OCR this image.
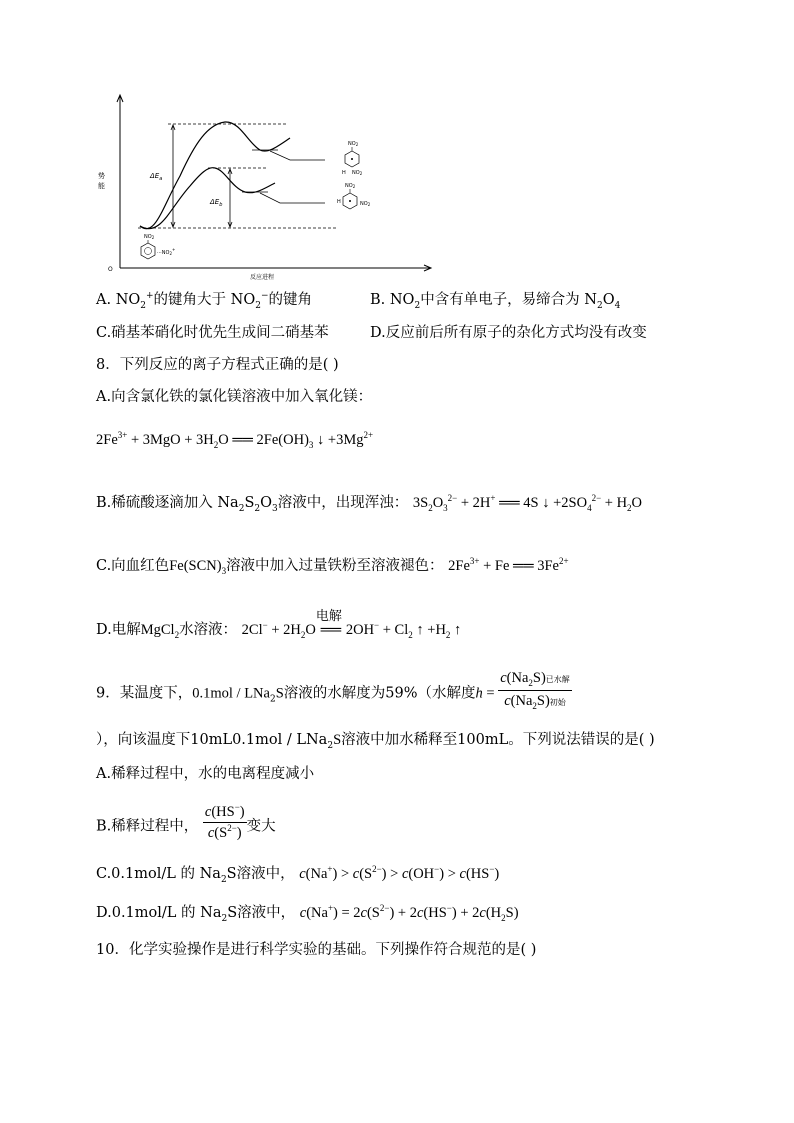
O
势
能
反应进程
$\Delta E_a$
$\Delta E_b$
$NO_2$
H $NO_2$
$NO_2$
H	$NO_2$
$NO_2$
$\cdot\cdot\cdot NO_2^+$
A. $NO_2^+$的键角大于 $NO_2^-$的键角	B. $NO_2$中含有单电子，易缔合为 $N_2O_4$
C.硝基苯硝化时优先生成间二硝基苯	D.反应前后所有原子的杂化方式均没有改变
8．下列反应的离子方程式正确的是( )
A.向含氯化铁的氯化镁溶液中加入氧化镁：
$2Fe^{3+} + 3MgO + 3H_2O$ ══ $2Fe(OH)_3$ ↓ $+3Mg^{2+}$
B.稀硫酸逐滴加入 $Na_2S_2O_3$溶液中，出现浑浊： $3S_2O_3^{2-} + 2H^+$ ══ 4S ↓ $+2SO_4^{2-} + H_2O$
C.向血红色$Fe(SCN)_3$溶液中加入过量铁粉至溶液褪色： $2Fe^{3+} + Fe$ ══ $3Fe^{2+}$
D.电解MgCl$_2$水溶液： $2Cl^- + 2H_2O$
电解
══ $2OH^- + Cl_2$ ↑ $+H_2$ ↑
9．某温度下，0.1mol / LNa$_2$S溶液的水解度为59%（水解度$h = \frac{c(Na_2S)已水解}{c(Na_2S)初始}$
），向该温度下10mL0.1mol / LNa$_2$S溶液中加水稀释至100mL。下列说法错误的是( )
A.稀释过程中，水的电离程度减小
B.稀释过程中， $\frac{c(HS^-)}{c(S^{2-})}$ 变大
C.0.1mol/L 的 $Na_2S$溶液中， $c(Na^+) > c(S^{2-}) > c(OH^-) > c(HS^-)$
D.0.1mol/L 的 $Na_2S$溶液中， $c(Na^+) = 2c(S^{2-}) + 2c(HS^-) + 2c(H_2S)$
10．化学实验操作是进行科学实验的基础。下列操作符合规范的是( )
